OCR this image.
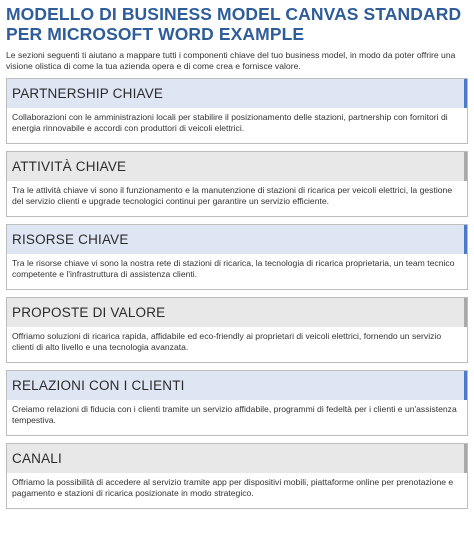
MODELLO DI BUSINESS MODEL CANVAS STANDARD
PER MICROSOFT WORD EXAMPLE
Le sezioni seguenti ti aiutano a mappare tutti i componenti chiave del tuo business model, in modo da poter offrire una visione olistica di come la tua azienda opera e di come crea e fornisce valore.
PARTNERSHIP CHIAVE
Collaborazioni con le amministrazioni locali per stabilire il posizionamento delle stazioni, partnership con fornitori di energia rinnovabile e accordi con produttori di veicoli elettrici.
ATTIVITÀ CHIAVE
Tra le attività chiave vi sono il funzionamento e la manutenzione di stazioni di ricarica per veicoli elettrici, la gestione del servizio clienti e upgrade tecnologici continui per garantire un servizio efficiente.
RISORSE CHIAVE
Tra le risorse chiave vi sono la nostra rete di stazioni di ricarica, la tecnologia di ricarica proprietaria, un team tecnico competente e l'infrastruttura di assistenza clienti.
PROPOSTE DI VALORE
Offriamo soluzioni di ricarica rapida, affidabile ed eco-friendly ai proprietari di veicoli elettrici, fornendo un servizio clienti di alto livello e una tecnologia avanzata.
RELAZIONI CON I CLIENTI
Creiamo relazioni di fiducia con i clienti tramite un servizio affidabile, programmi di fedeltà per i clienti e un'assistenza tempestiva.
CANALI
Offriamo la possibilità di accedere al servizio tramite app per dispositivi mobili, piattaforme online per prenotazione e pagamento e stazioni di ricarica posizionate in modo strategico.
